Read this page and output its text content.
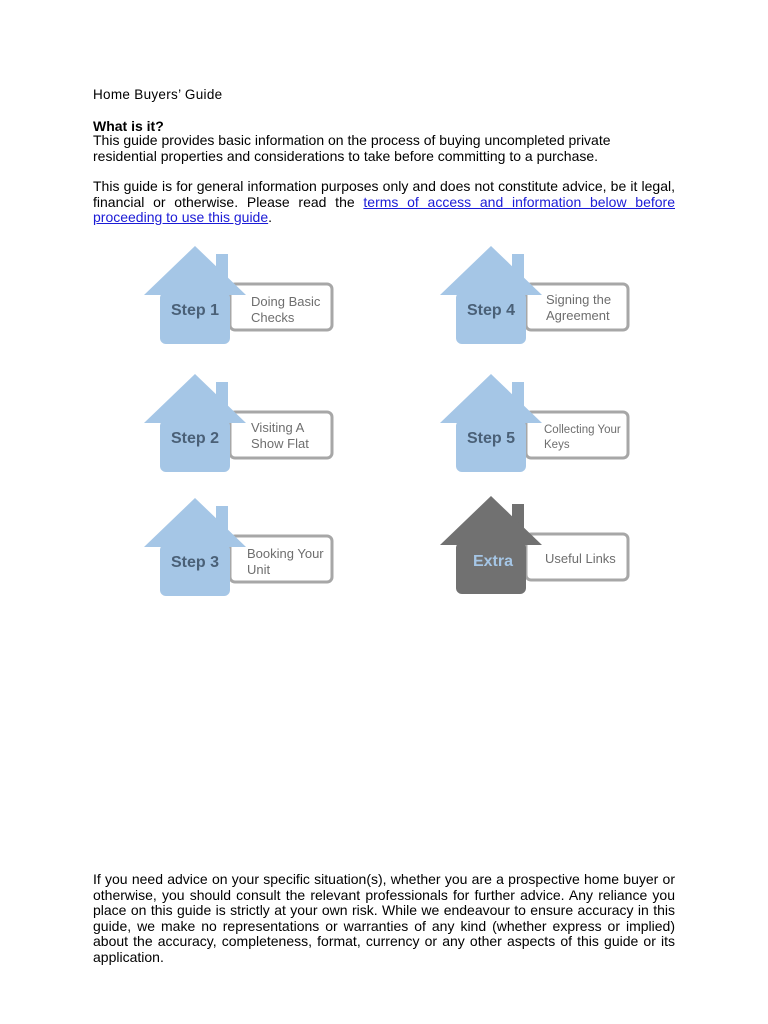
Home Buyers’ Guide
What is it?

This guide provides basic information on the process of buying uncompleted private residential properties and considerations to take before committing to a purchase.

This guide is for general information purposes only and does not constitute advice, be it legal, financial or otherwise. Please read the terms of access and information below before proceeding to use this guide.

Step 1
Doing Basic
Checks
Step 2
Visiting A
Show Flat
Step 3
Booking Your
Unit
Step 4
Signing the
Agreement
Step 5	Collecting Your
Keys
Extra Useful Links

If you need advice on your specific situation(s), whether you are a prospective home buyer or otherwise, you should consult the relevant professionals for further advice. Any reliance you place on this guide is strictly at your own risk. While we endeavour to ensure accuracy in this guide, we make no representations or warranties of any kind (whether express or implied) about the accuracy, completeness, format, currency or any other aspects of this guide or its application.
